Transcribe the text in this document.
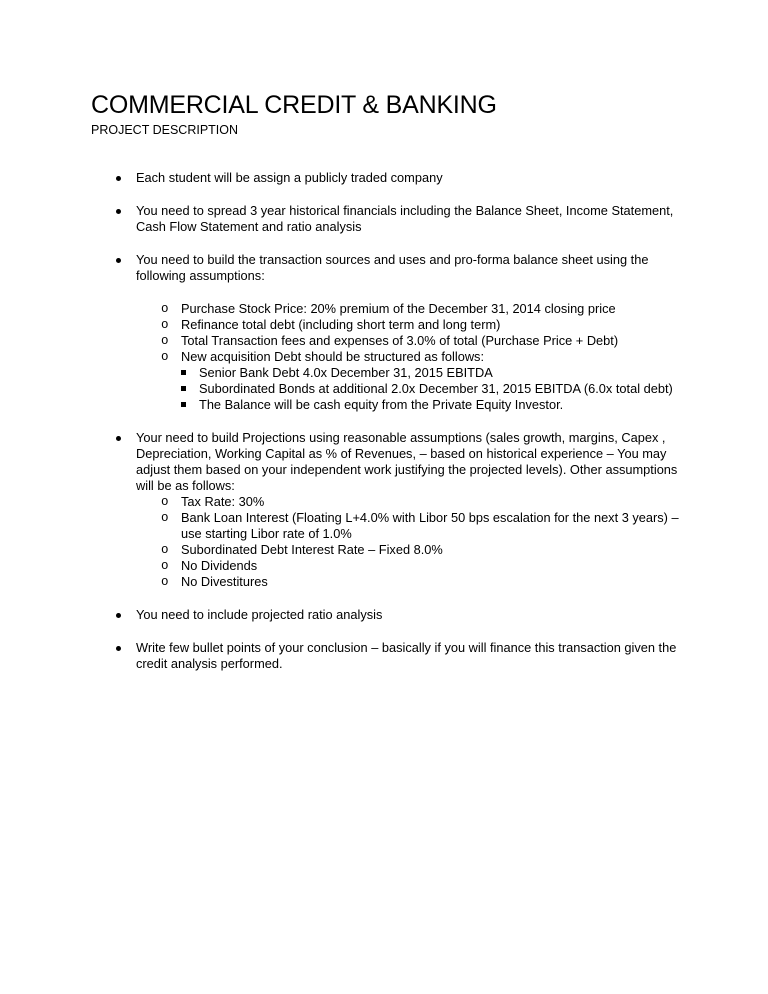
COMMERCIAL CREDIT & BANKING
PROJECT DESCRIPTION
Each student will be assign a publicly traded company
You need to spread 3 year historical financials including the Balance Sheet, Income Statement, Cash Flow Statement and ratio analysis
You need to build the transaction sources and uses and pro-forma balance sheet using the following assumptions:
o Purchase Stock Price: 20% premium of the December 31, 2014 closing price
o Refinance total debt (including short term and long term)
o Total Transaction fees and expenses of 3.0% of total (Purchase Price + Debt)
o New acquisition Debt should be structured as follows:
Senior Bank Debt 4.0x December 31, 2015 EBITDA
Subordinated Bonds at additional 2.0x December 31, 2015 EBITDA (6.0x total debt)
The Balance will be cash equity from the Private Equity Investor.
Your need to build Projections using reasonable assumptions (sales growth, margins, Capex , Depreciation, Working Capital as % of Revenues, – based on historical experience – You may adjust them based on your independent work justifying the projected levels). Other assumptions will be as follows:
o Tax Rate: 30%
o Bank Loan Interest (Floating L+4.0% with Libor 50 bps escalation for the next 3 years) – use starting Libor rate of 1.0%
o Subordinated Debt Interest Rate – Fixed 8.0%
o No Dividends
o No Divestitures
You need to include projected ratio analysis
Write few bullet points of your conclusion – basically if you will finance this transaction given the credit analysis performed.
